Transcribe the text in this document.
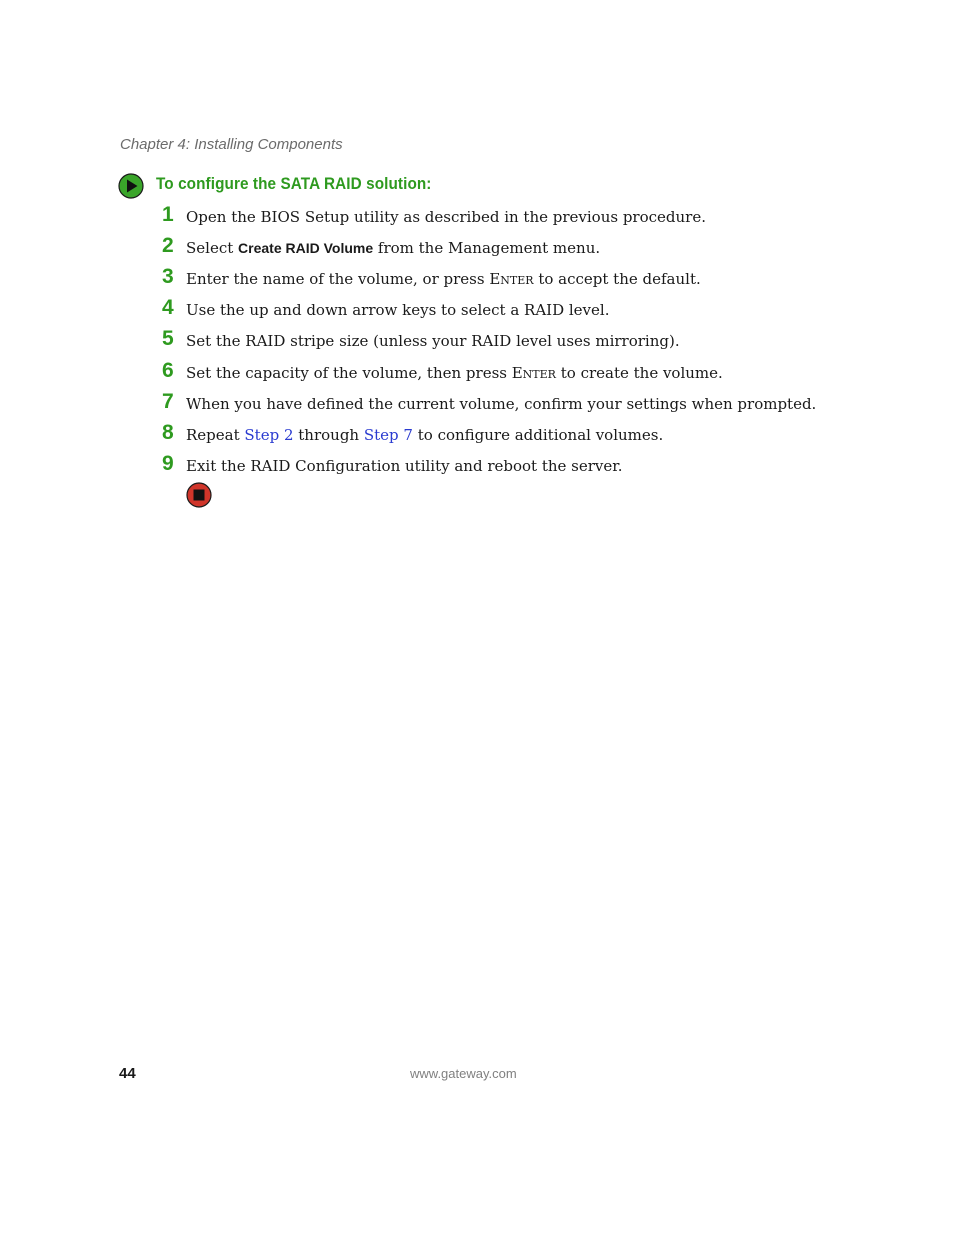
Chapter 4: Installing Components
To configure the SATA RAID solution:
1 Open the BIOS Setup utility as described in the previous procedure.
2 Select Create RAID Volume from the Management menu.
3 Enter the name of the volume, or press Enter to accept the default.
4 Use the up and down arrow keys to select a RAID level.
5 Set the RAID stripe size (unless your RAID level uses mirroring).
6 Set the capacity of the volume, then press Enter to create the volume.
7 When you have defined the current volume, confirm your settings when prompted.
8 Repeat Step 2 through Step 7 to configure additional volumes.
9 Exit the RAID Configuration utility and reboot the server.
44	www.gateway.com
